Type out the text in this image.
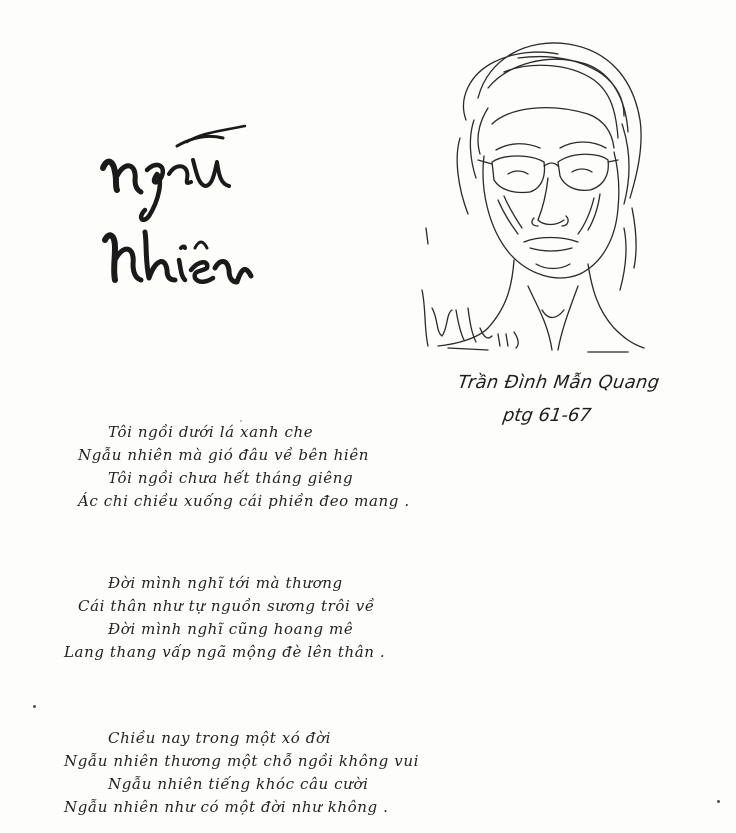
Trần Đình Mẫn Quang
ptg 61-67
Tôi ngồi dưới lá xanh che
Ngẫu nhiên mà gió đâu về bên hiên
Tôi ngồi chưa hết tháng giêng
Ác chi chiều xuống cái phiền đeo mang .
Đời mình nghĩ tới mà thương
Cái thân như tự nguồn sương trôi về
Đời mình nghĩ cũng hoang mê
Lang thang vấp ngã mộng đè lên thân .
Chiều nay trong một xó đời
Ngẫu nhiên thương một chỗ ngồi không vui
Ngẫu nhiên tiếng khóc câu cười
Ngẫu nhiên như có một đời như không .
